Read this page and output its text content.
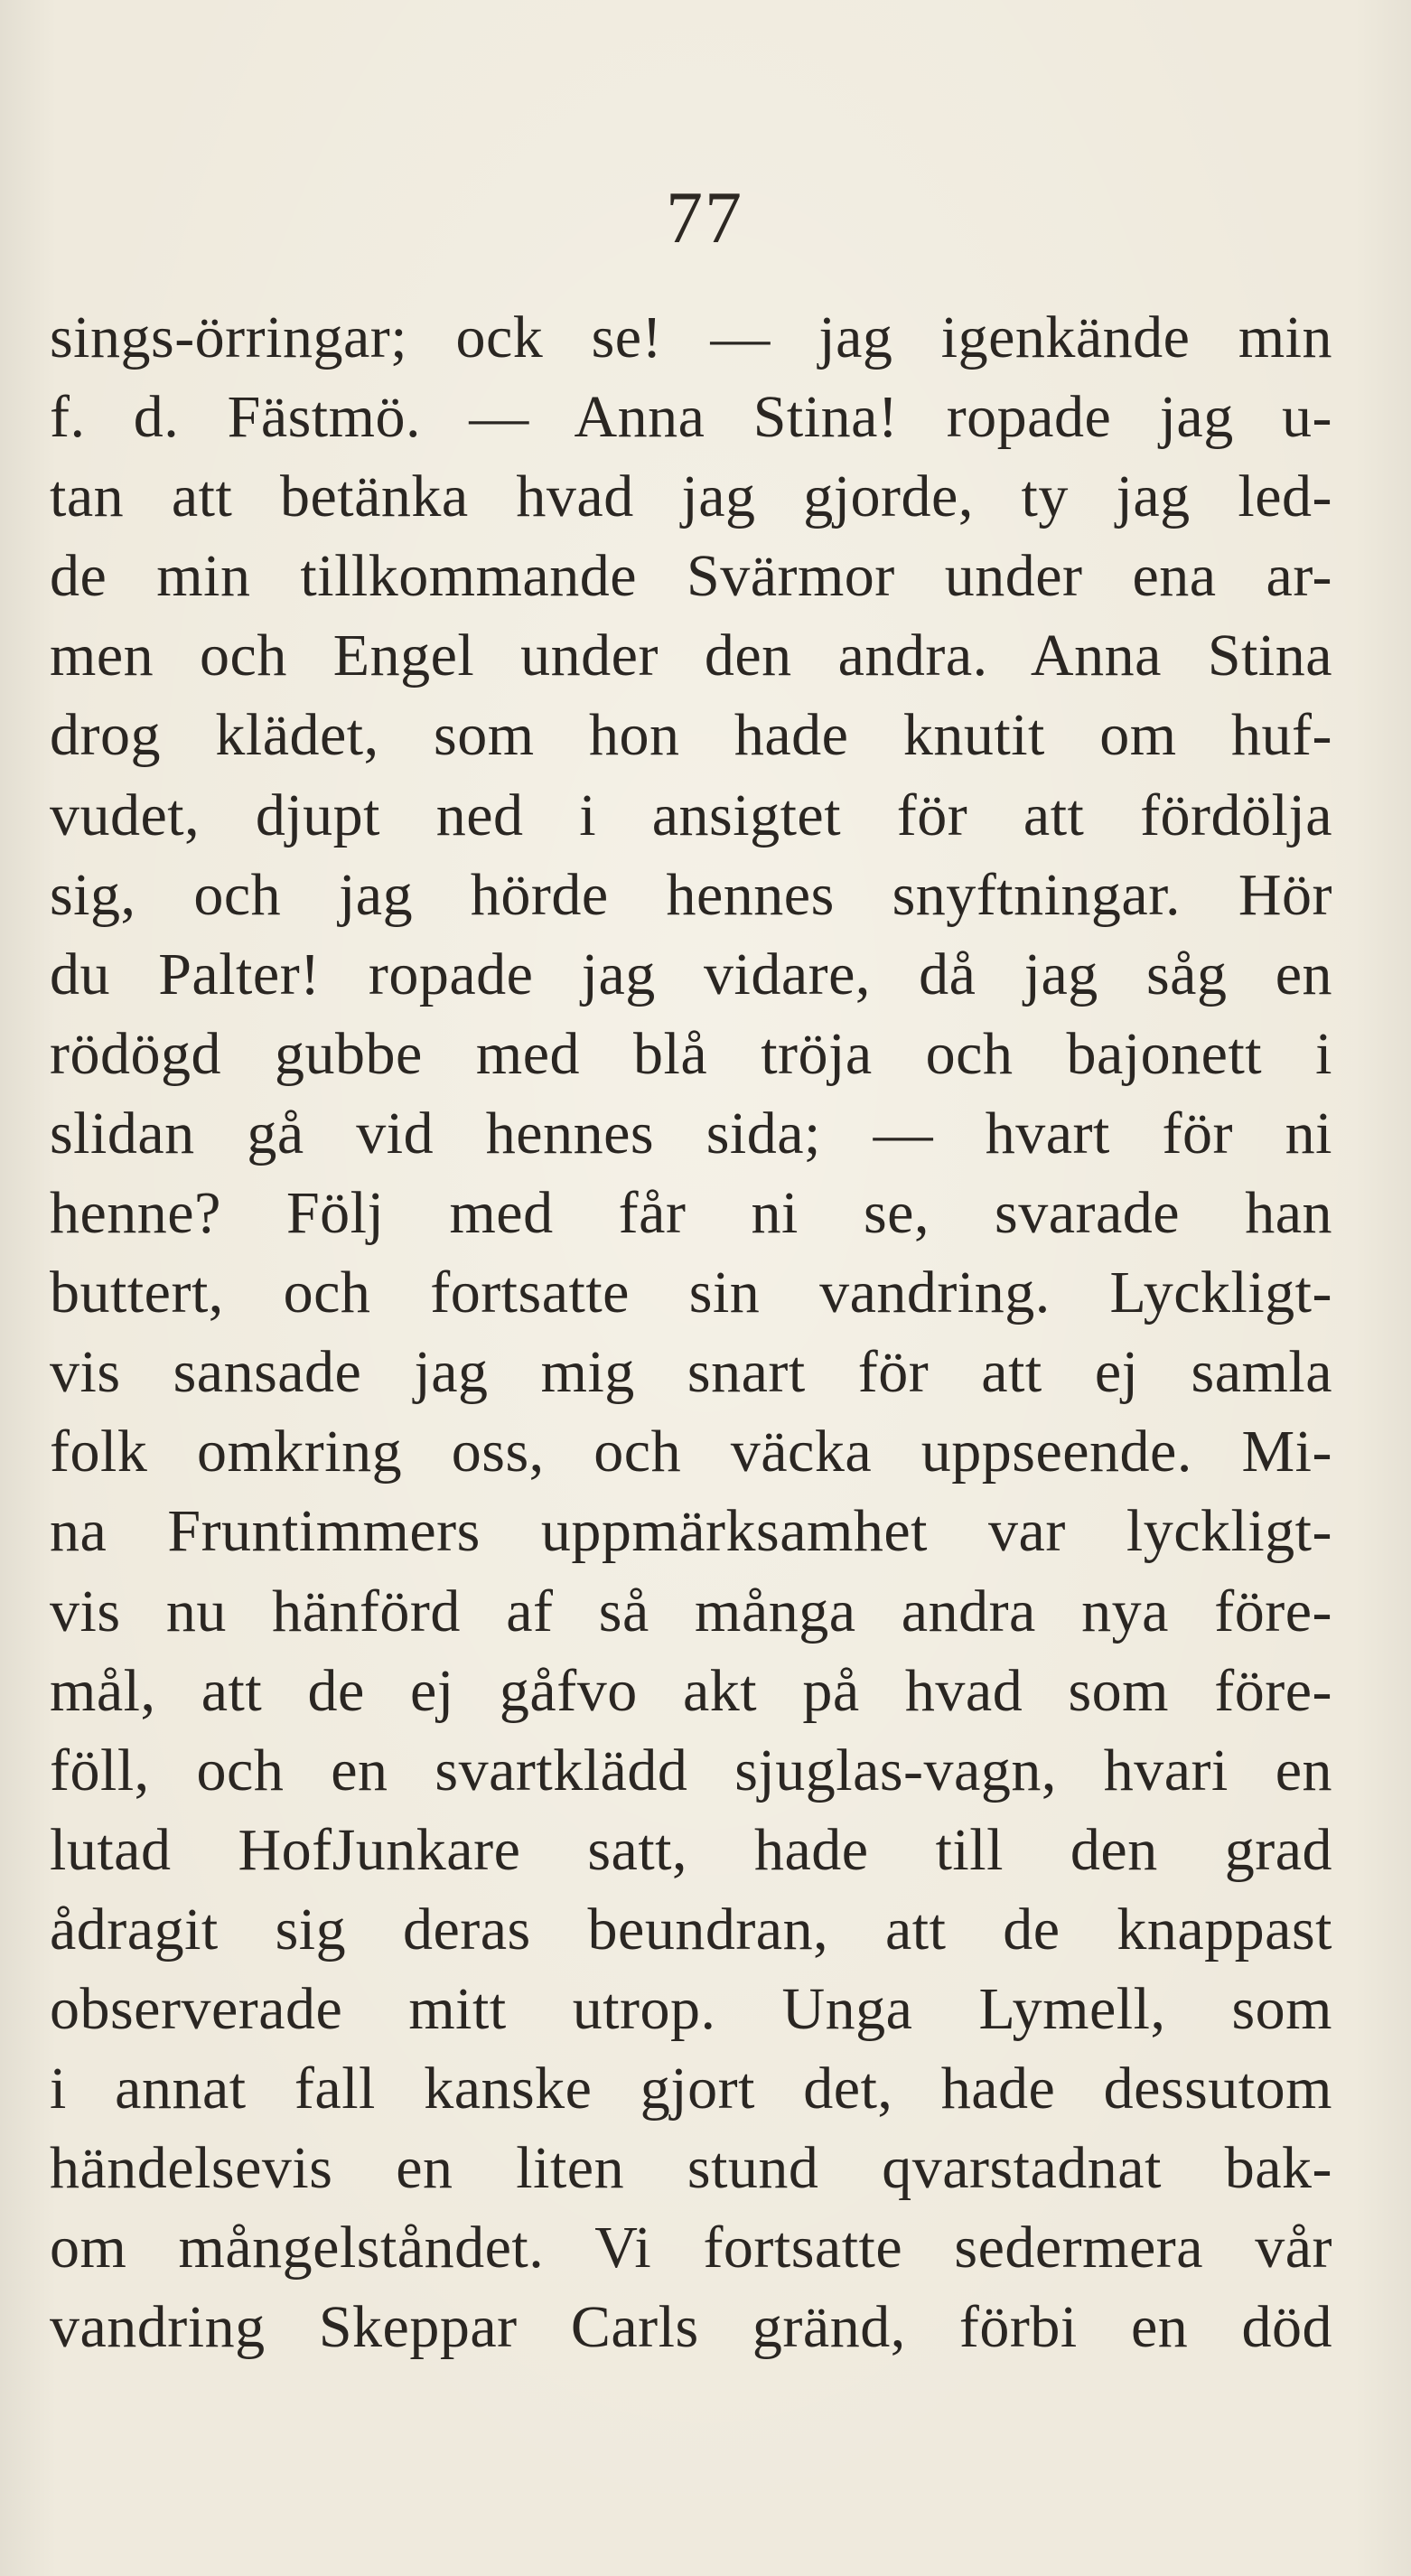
77
sings-örringar; ock se! — jag igenkände min
f. d. Fästmö. — Anna Stina! ropade jag u-
tan att betänka hvad jag gjorde, ty jag led-
de min tillkommande Svärmor under ena ar-
men och Engel under den andra. Anna Stina
drog klädet, som hon hade knutit om huf-
vudet, djupt ned i ansigtet för att fördölja
sig, och jag hörde hennes snyftningar. Hör
du Palter! ropade jag vidare, då jag såg en
rödögd gubbe med blå tröja och bajonett i
slidan gå vid hennes sida; — hvart för ni
henne? Följ med får ni se, svarade han
buttert, och fortsatte sin vandring. Lyckligt-
vis sansade jag mig snart för att ej samla
folk omkring oss, och väcka uppseende. Mi-
na Fruntimmers uppmärksamhet var lyckligt-
vis nu hänförd af så många andra nya före-
mål, att de ej gåfvo akt på hvad som före-
föll, och en svartklädd sjuglas-vagn, hvari en
lutad HofJunkare satt, hade till den grad
ådragit sig deras beundran, att de knappast
observerade mitt utrop. Unga Lymell, som
i annat fall kanske gjort det, hade dessutom
händelsevis en liten stund qvarstadnat bak-
om mångelståndet. Vi fortsatte sedermera vår
vandring Skeppar Carls gränd, förbi en död
